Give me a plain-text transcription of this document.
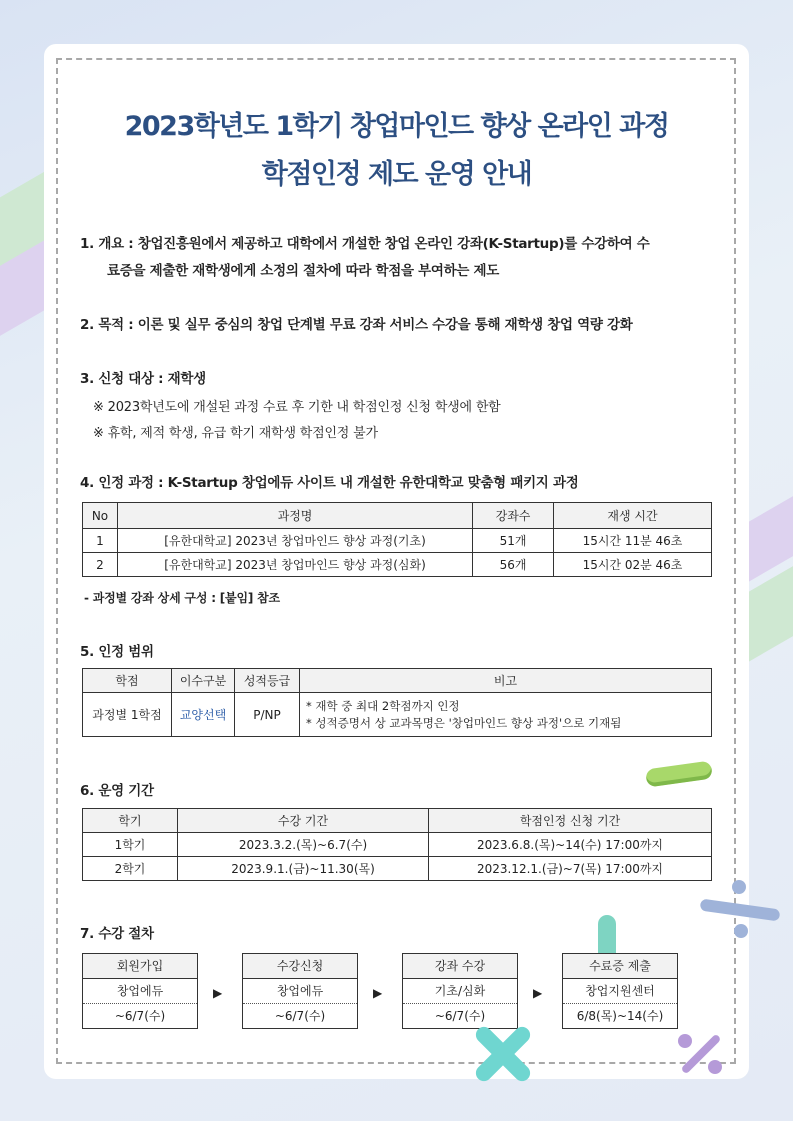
2023학년도 1학기 창업마인드 향상 온라인 과정
학점인정 제도 운영 안내
1. 개요 : 창업진흥원에서 제공하고 대학에서 개설한 창업 온라인 강좌(K-Startup)를 수강하여 수
료증을 제출한 재학생에게 소정의 절차에 따라 학점을 부여하는 제도
2. 목적 : 이론 및 실무 중심의 창업 단계별 무료 강좌 서비스 수강을 통해 재학생 창업 역량 강화
3. 신청 대상 : 재학생
※ 2023학년도에 개설된 과정 수료 후 기한 내 학점인정 신청 학생에 한함
※ 휴학, 제적 학생, 유급 학기 재학생 학점인정 불가
4. 인정 과정 : K-Startup 창업에듀 사이트 내 개설한 유한대학교 맞춤형 패키지 과정
No	과정명	강좌수	재생 시간
1	[유한대학교] 2023년 창업마인드 향상 과정(기초)	51개	15시간 11분 46초
2	[유한대학교] 2023년 창업마인드 향상 과정(심화)	56개	15시간 02분 46초
- 과정별 강좌 상세 구성 : [붙임] 참조
5. 인정 범위
학점	이수구분	성적등급	비고
과정별 1학점	교양선택	P/NP	* 재학 중 최대 2학점까지 인정
* 성적증명서 상 교과목명은 '창업마인드 향상 과정'으로 기재됨
6. 운영 기간
학기	수강 기간	학점인정 신청 기간
1학기	2023.3.2.(목)~6.7(수)	2023.6.8.(목)~14(수) 17:00까지
2학기	2023.9.1.(금)~11.30(목)	2023.12.1.(금)~7(목) 17:00까지
7. 수강 절차
회원가입
창업에듀
~6/7(수)
▶
수강신청
창업에듀
~6/7(수)
▶
강좌 수강
기초/심화
~6/7(수)
▶
수료증 제출
창업지원센터
6/8(목)~14(수)
